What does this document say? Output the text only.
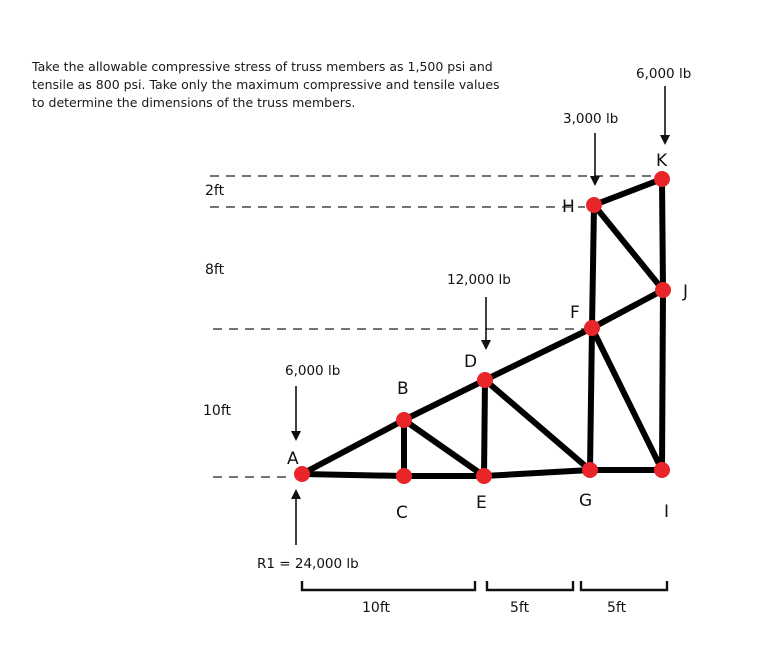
Take the allowable compressive stress of truss members as 1,500 psi and

tensile as 800 psi. Take only the maximum compressive and tensile values

to determine the dimensions of the truss members.

A
B
C
D
E
F
G
H
I
J
K
6,000 lb
12,000 lb
3,000 lb
6,000 lb
R1 = 24,000 lb
2ft
8ft
10ft
10ft	5ft	5ft
